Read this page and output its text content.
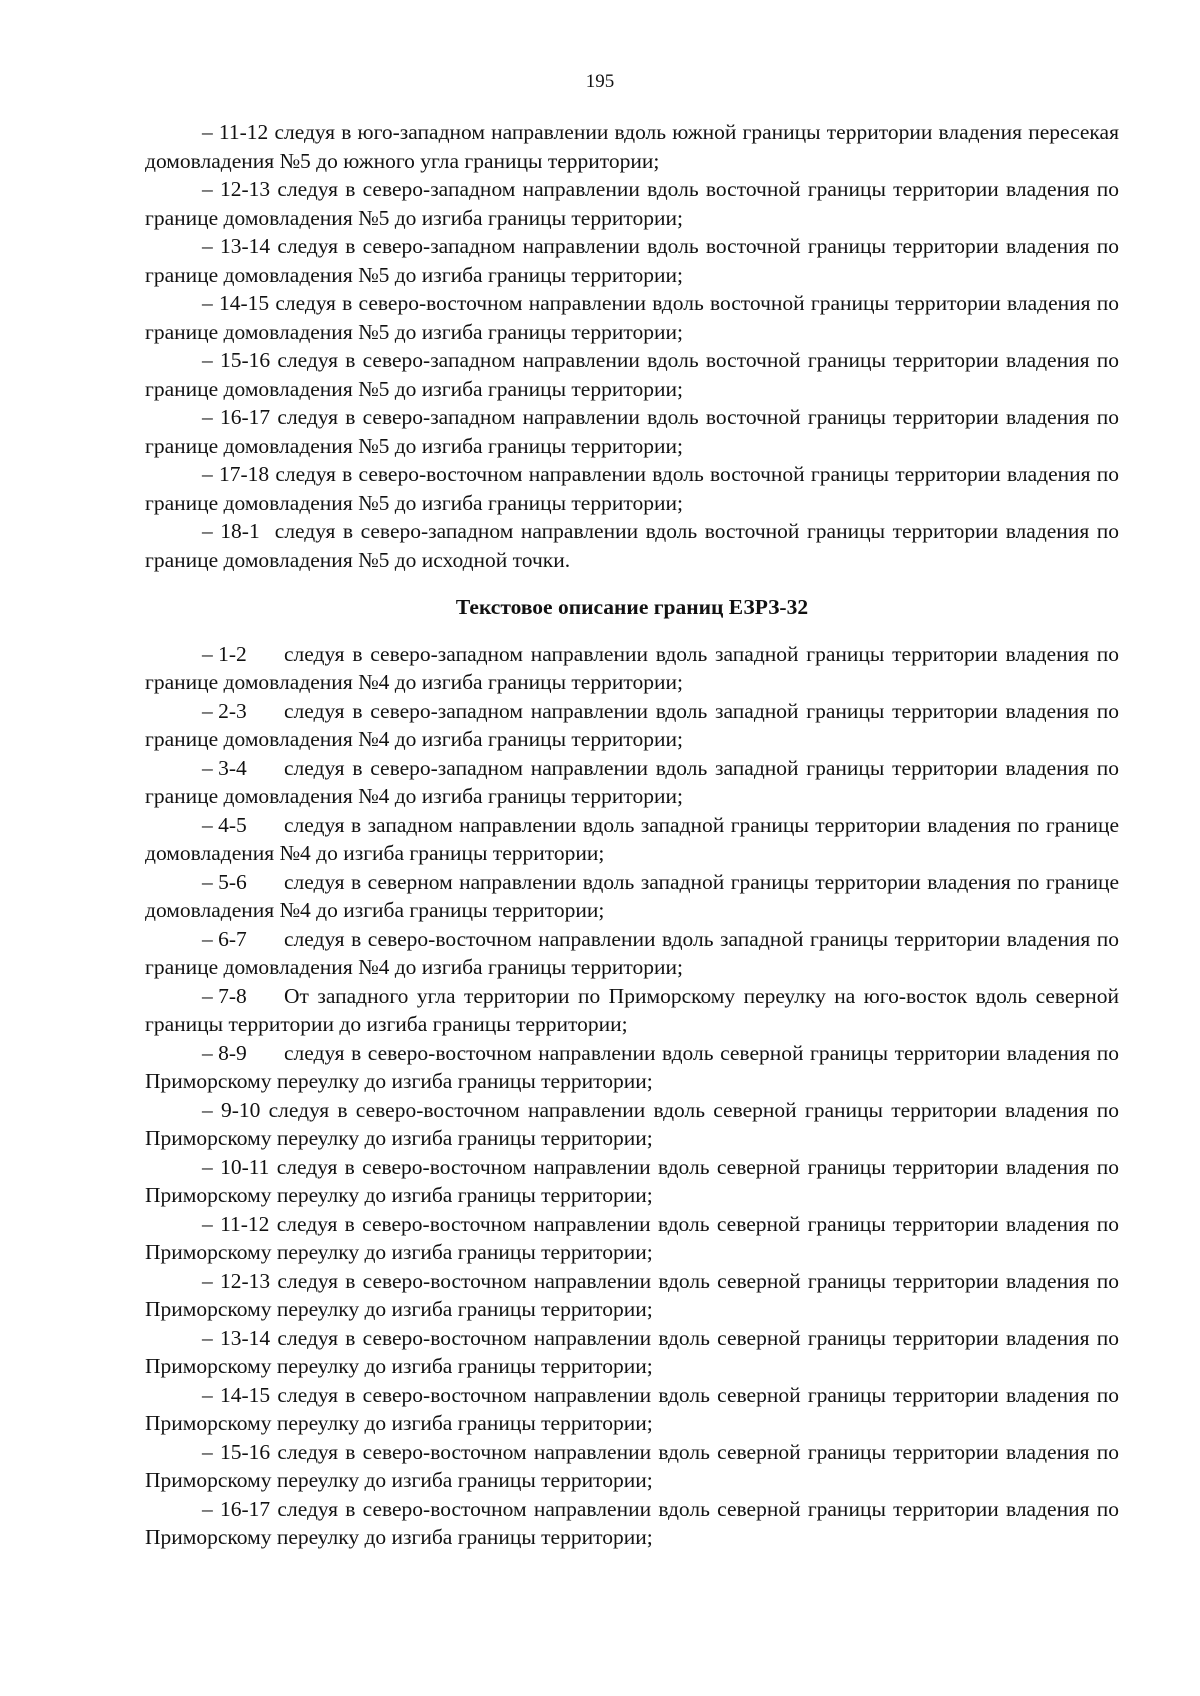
195

– 11-12 следуя в юго-западном направлении вдоль южной границы территории владения пересекая домовладения №5 до южного угла границы территории;

– 12-13 следуя в северо-западном направлении вдоль восточной границы территории владения по границе домовладения №5 до изгиба границы территории;

– 13-14 следуя в северо-западном направлении вдоль восточной границы территории владения по границе домовладения №5 до изгиба границы территории;

– 14-15 следуя в северо-восточном направлении вдоль восточной границы территории владения по границе домовладения №5 до изгиба границы территории;

– 15-16 следуя в северо-западном направлении вдоль восточной границы территории владения по границе домовладения №5 до изгиба границы территории;

– 16-17 следуя в северо-западном направлении вдоль восточной границы территории владения по границе домовладения №5 до изгиба границы территории;

– 17-18 следуя в северо-восточном направлении вдоль восточной границы территории владения по границе домовладения №5 до изгиба границы территории;

– 18-1 следуя в северо-западном направлении вдоль восточной границы территории владения по границе домовладения №5 до исходной точки.

Текстовое описание границ ЕЗРЗ-32

– 1-2 следуя в северо-западном направлении вдоль западной границы территории владения по границе домовладения №4 до изгиба границы территории;

– 2-3 следуя в северо-западном направлении вдоль западной границы территории владения по границе домовладения №4 до изгиба границы территории;

– 3-4 следуя в северо-западном направлении вдоль западной границы территории владения по границе домовладения №4 до изгиба границы территории;

– 4-5 следуя в западном направлении вдоль западной границы территории владения по границе домовладения №4 до изгиба границы территории;

– 5-6 следуя в северном направлении вдоль западной границы территории владения по границе домовладения №4 до изгиба границы территории;

– 6-7 следуя в северо-восточном направлении вдоль западной границы территории владения по границе домовладения №4 до изгиба границы территории;

– 7-8 От западного угла территории по Приморскому переулку на юго-восток вдоль северной границы территории до изгиба границы территории;

– 8-9 следуя в северо-восточном направлении вдоль северной границы территории владения по Приморскому переулку до изгиба границы территории;

– 9-10 следуя в северо-восточном направлении вдоль северной границы территории владения по Приморскому переулку до изгиба границы территории;

– 10-11 следуя в северо-восточном направлении вдоль северной границы территории владения по Приморскому переулку до изгиба границы территории;

– 11-12 следуя в северо-восточном направлении вдоль северной границы территории владения по Приморскому переулку до изгиба границы территории;

– 12-13 следуя в северо-восточном направлении вдоль северной границы территории владения по Приморскому переулку до изгиба границы территории;

– 13-14 следуя в северо-восточном направлении вдоль северной границы территории владения по Приморскому переулку до изгиба границы территории;

– 14-15 следуя в северо-восточном направлении вдоль северной границы территории владения по Приморскому переулку до изгиба границы территории;

– 15-16 следуя в северо-восточном направлении вдоль северной границы территории владения по Приморскому переулку до изгиба границы территории;

– 16-17 следуя в северо-восточном направлении вдоль северной границы территории владения по Приморскому переулку до изгиба границы территории;
